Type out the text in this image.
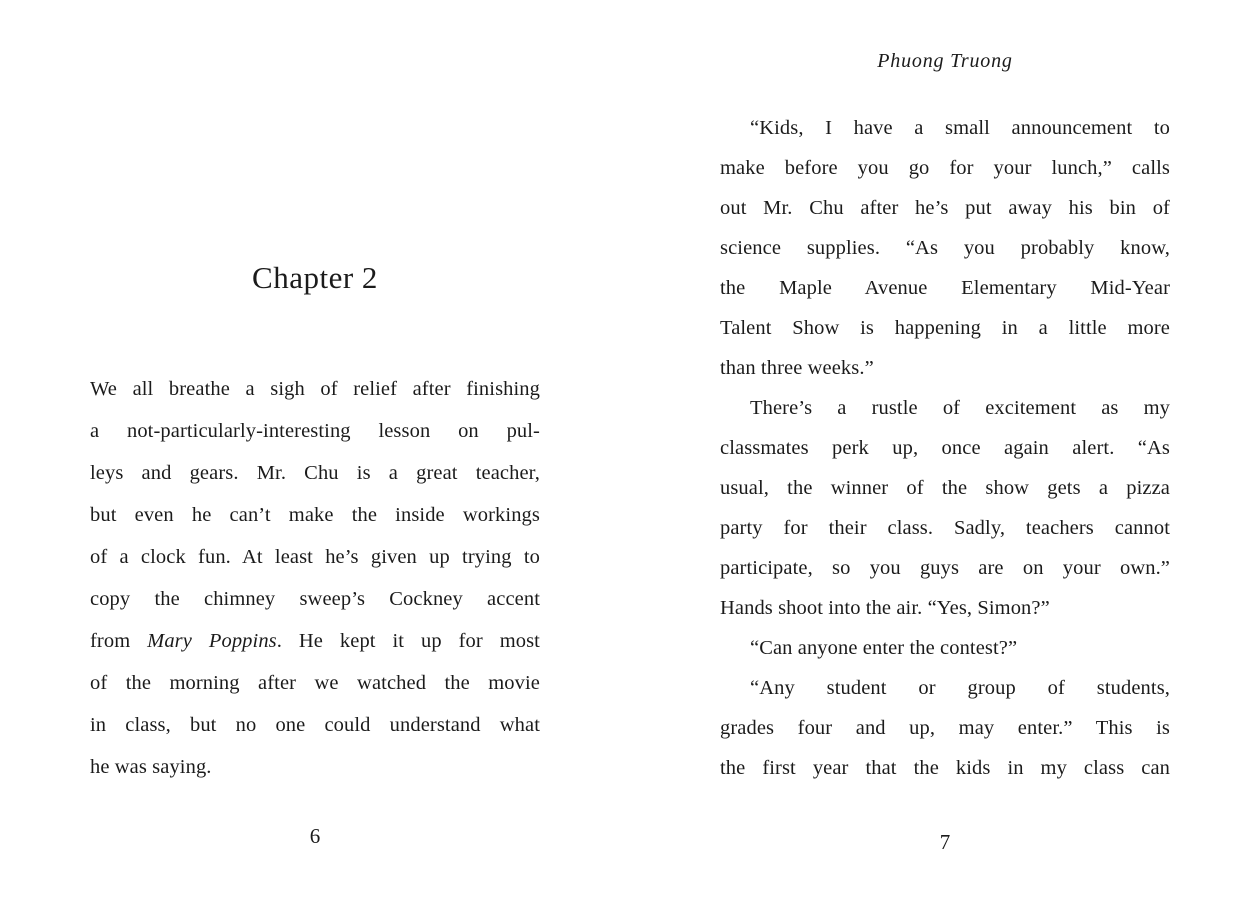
Chapter 2
We all breathe a sigh of relief after finishing
a not-particularly-interesting lesson on pul-
leys and gears. Mr. Chu is a great teacher,
but even he can’t make the inside workings
of a clock fun. At least he’s given up trying to
copy the chimney sweep’s Cockney accent
from Mary Poppins. He kept it up for most
of the morning after we watched the movie
in class, but no one could understand what
he was saying.
6
Phuong Truong
“Kids, I have a small announcement to
make before you go for your lunch,” calls
out Mr. Chu after he’s put away his bin of
science supplies. “As you probably know,
the Maple Avenue Elementary Mid-Year
Talent Show is happening in a little more
than three weeks.”
There’s a rustle of excitement as my
classmates perk up, once again alert. “As
usual, the winner of the show gets a pizza
party for their class. Sadly, teachers cannot
participate, so you guys are on your own.”
Hands shoot into the air. “Yes, Simon?”
“Can anyone enter the contest?”
“Any student or group of students,
grades four and up, may enter.” This is
the first year that the kids in my class can
7
